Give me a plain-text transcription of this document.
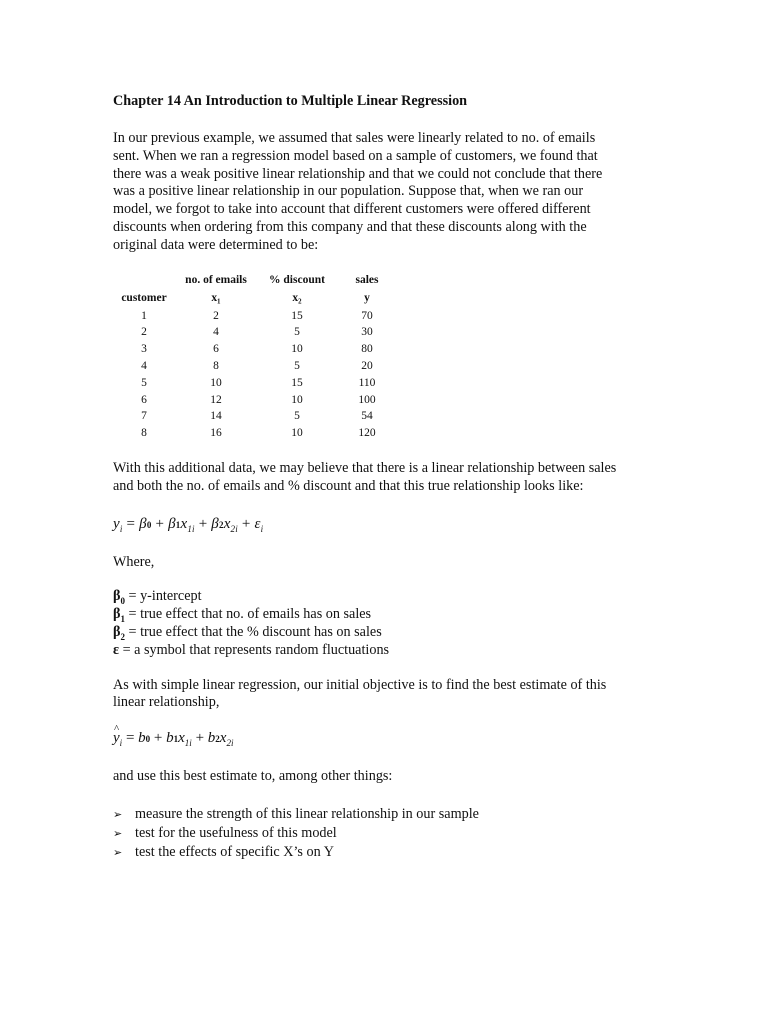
Chapter 14 An Introduction to Multiple Linear Regression

In our previous example, we assumed that sales were linearly related to no. of emails
sent. When we ran a regression model based on a sample of customers, we found that
there was a weak positive linear relationship and that we could not conclude that there
was a positive linear relationship in our population. Suppose that, when we ran our
model, we forgot to take into account that different customers were offered different
discounts when ordering from this company and that these discounts along with the
original data were determined to be:
	no. of emails	% discount	sales
customer	x₁	x₂	y
1	2	15	70
2	4	5	30
3	6	10	80
4	8	5	20
5	10	15	110
6	12	10	100
7	14	5	54
8	16	10	120
With this additional data, we may believe that there is a linear relationship between sales
and both the no. of emails and % discount and that this true relationship looks like:
$y_i = \beta 0 + \beta 1x_{1i} + \beta 2x_{2i} + \varepsilon_i$
Where,
$\beta_0$ = y-intercept
$\beta_1$ = true effect that no. of emails has on sales
$\beta_2$ = true effect that the % discount has on sales
ε = a symbol that represents random fluctuations
As with simple linear regression, our initial objective is to find the best estimate of this
linear relationship,
^ $y_i = b0 + b1x_{1i} + b2x_{2i}$
and use this best estimate to, among other things:
➢ measure the strength of this linear relationship in our sample
➢ test for the usefulness of this model
➢ test the effects of specific X’s on Y
